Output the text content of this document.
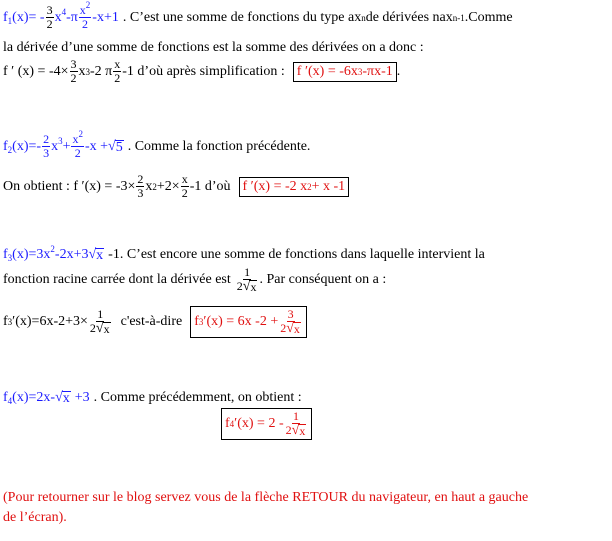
$f_1(x)= - \frac{3}{2} x^4-\pi \frac{x^2}{2} -x+1$ . C’est une somme de fonctions du type ax n de dérivées nax n-1 .Comme
la dérivée d’une somme de fonctions est la somme des dérivées on a donc :
f ′ $(x) = -4\times \frac{3}{2}$ x 3 -2 π $\frac{x}{2} -1$ d’où après simplification : f ′(x) = -6x 3 -πx-1 .
$f_2(x)=- \frac{2}{3} x^3+ \frac{x^2}{2} -x$ + √ 5 . Comme la fonction précédente.
On obtient : f $'(x) = -3\times \frac{2}{3}$ x $2 +2\times \frac{x}{2} -1$ d’où f ′(x) = -2 x 2 + x -1
$f_3(x)=3x^2-2x+3$ √ x -1. C’est encore une somme de fonctions dans laquelle intervient la
fonction racine carrée dont la dérivée est $\frac{1}{2 √ x}$ . Par conséquent on a :
f 3 $'(x)=6x-2+3\times \frac{1}{2 √ x}$ c'est-à-dire f 3 ′(x) = 6x $-2 + \frac{3}{2 √ x}$
$f_4(x)=2x-$ √ x +3 . Comme précédemment, on obtient :
f 4 $'(x) = 2 - \frac{1}{2 √ x}$
(Pour retourner sur le blog servez vous de la flèche RETOUR du navigateur, en haut a gauche
de l’écran).
